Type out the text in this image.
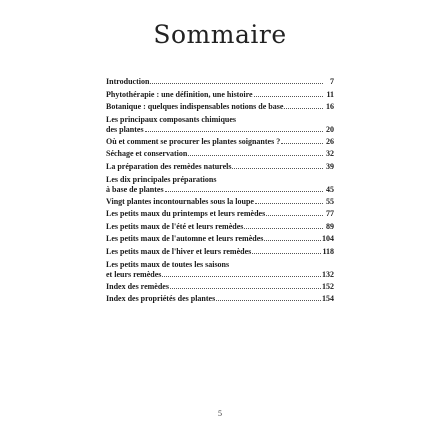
Sommaire
Introduction	7
Phytothérapie : une définition, une histoire	11
Botanique : quelques indispensables notions de base	16
Les principaux composants chimiques
des plantes	20
Où et comment se procurer les plantes soignantes ?	26
Séchage et conservation	32
La préparation des remèdes naturels	39
Les dix principales préparations
à base de plantes	45
Vingt plantes incontournables sous la loupe	55
Les petits maux du printemps et leurs remèdes	77
Les petits maux de l'été et leurs remèdes	89
Les petits maux de l'automne et leurs remèdes	104
Les petits maux de l'hiver et leurs remèdes	118
Les petits maux de toutes les saisons
et leurs remèdes	132
Index des remèdes	152
Index des propriétés des plantes	154
5
